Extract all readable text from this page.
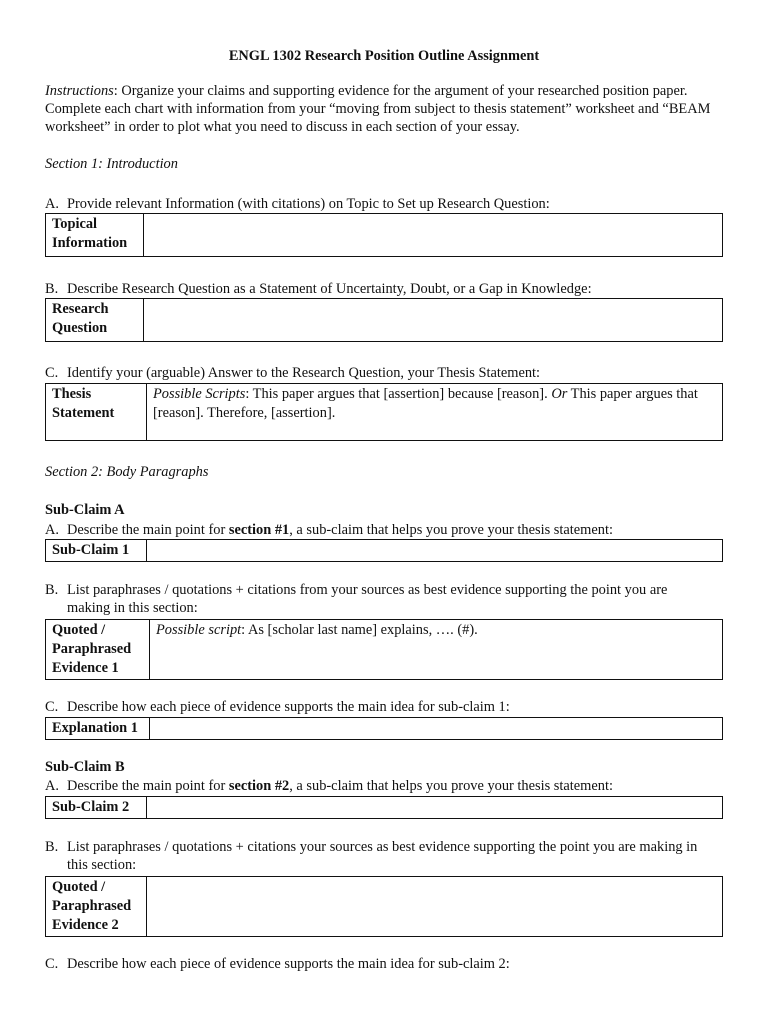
ENGL 1302 Research Position Outline Assignment

Instructions: Organize your claims and supporting evidence for the argument of your researched position paper. Complete each chart with information from your “moving from subject to thesis statement” worksheet and “BEAM worksheet” in order to plot what you need to discuss in each section of your essay.

Section 1: Introduction

A. Provide relevant Information (with citations) on Topic to Set up Research Question:

Topical Information	

B. Describe Research Question as a Statement of Uncertainty, Doubt, or a Gap in Knowledge:

Research Question	

C. Identify your (arguable) Answer to the Research Question, your Thesis Statement:

Thesis Statement	Possible Scripts: This paper argues that [assertion] because [reason]. Or This paper argues that [reason]. Therefore, [assertion].

Section 2: Body Paragraphs

Sub-Claim A

A. Describe the main point for section #1, a sub-claim that helps you prove your thesis statement:

Sub-Claim 1	

B. List paraphrases / quotations + citations from your sources as best evidence supporting the point you are
making in this section:

Quoted / Paraphrased Evidence 1	Possible script: As [scholar last name] explains, …. (#).

C. Describe how each piece of evidence supports the main idea for sub-claim 1:

Explanation 1	

Sub-Claim B

A. Describe the main point for section #2, a sub-claim that helps you prove your thesis statement:

Sub-Claim 2	

B. List paraphrases / quotations + citations your sources as best evidence supporting the point you are making in
this section:

Quoted / Paraphrased Evidence 2	

C. Describe how each piece of evidence supports the main idea for sub-claim 2:
